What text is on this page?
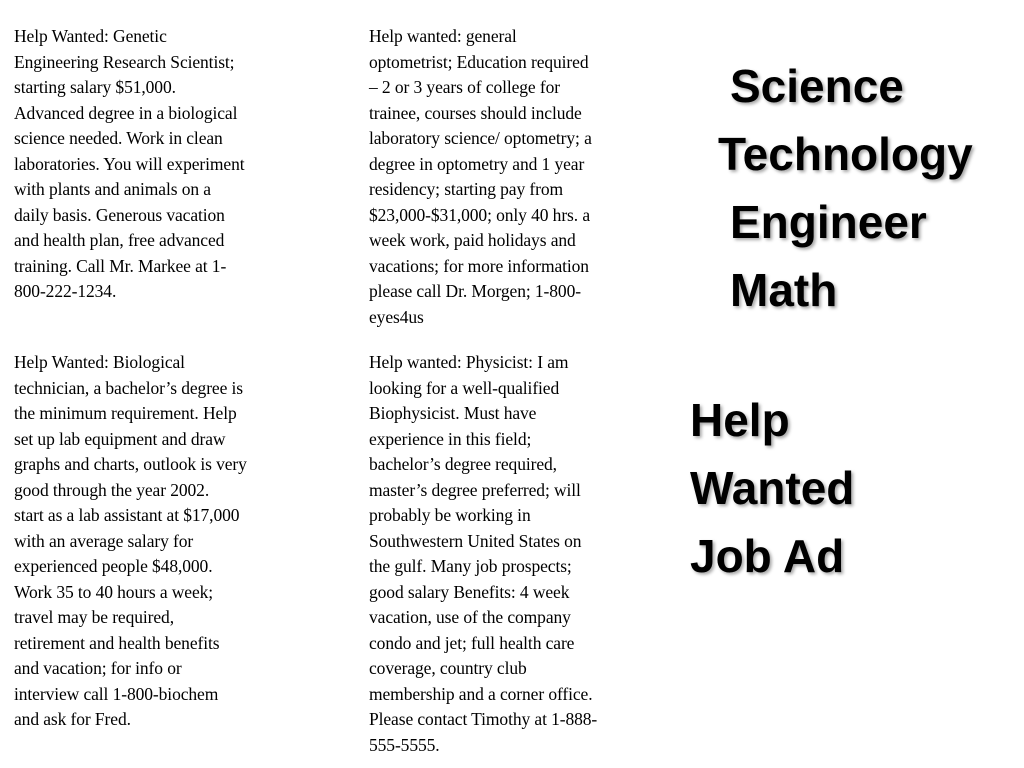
Help Wanted: Genetic
Engineering Research Scientist;
starting salary $51,000.
Advanced degree in a biological
science needed. Work in clean
laboratories. You will experiment
with plants and animals on a
daily basis. Generous vacation
and health plan, free advanced
training. Call Mr. Markee at 1-
800-222-1234.
Help wanted: general
optometrist; Education required
– 2 or 3 years of college for
trainee, courses should include
laboratory science/ optometry; a
degree in optometry and 1 year
residency; starting pay from
$23,000-$31,000; only 40 hrs. a
week work, paid holidays and
vacations; for more information
please call Dr. Morgen; 1-800-
eyes4us
Help Wanted: Biological
technician, a bachelor’s degree is
the minimum requirement. Help
set up lab equipment and draw
graphs and charts, outlook is very
good through the year 2002.
start as a lab assistant at $17,000
with an average salary for
experienced people $48,000.
Work 35 to 40 hours a week;
travel may be required,
retirement and health benefits
and vacation; for info or
interview call 1-800-biochem
and ask for Fred.
Help wanted: Physicist: I am
looking for a well-qualified
Biophysicist. Must have
experience in this field;
bachelor’s degree required,
master’s degree preferred; will
probably be working in
Southwestern United States on
the gulf. Many job prospects;
good salary Benefits: 4 week
vacation, use of the company
condo and jet; full health care
coverage, country club
membership and a corner office.
Please contact Timothy at 1-888-
555-5555.
Science
Technology
Engineer
Math
Help
Wanted
Job Ad
